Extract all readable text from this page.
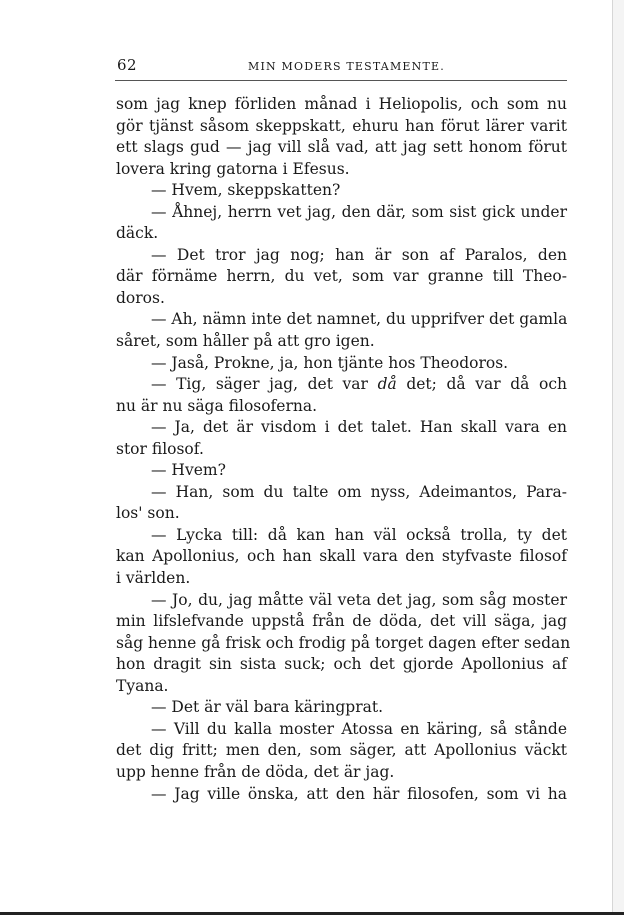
62	MIN MODERS TESTAMENTE.
som jag knep förliden månad i Heliopolis, och som nu
gör tjänst såsom skeppskatt, ehuru han förut lärer varit
ett slags gud — jag vill slå vad, att jag sett honom förut
lovera kring gatorna i Efesus.
— Hvem, skeppskatten?
— Åhnej, herrn vet jag, den där, som sist gick under
däck.
— Det tror jag nog; han är son af Paralos, den
där förnäme herrn, du vet, som var granne till Theo-
doros.
— Ah, nämn inte det namnet, du upprifver det gamla
såret, som håller på att gro igen.
— Jaså, Prokne, ja, hon tjänte hos Theodoros.
— Tig, säger jag, det var då det; då var då och
nu är nu säga filosoferna.
— Ja, det är visdom i det talet. Han skall vara en
stor filosof.
— Hvem?
— Han, som du talte om nyss, Adeimantos, Para-
los' son.
— Lycka till: då kan han väl också trolla, ty det
kan Apollonius, och han skall vara den styfvaste filosof
i världen.
— Jo, du, jag måtte väl veta det jag, som såg moster
min lifslefvande uppstå från de döda, det vill säga, jag
såg henne gå frisk och frodig på torget dagen efter sedan
hon dragit sin sista suck; och det gjorde Apollonius af
Tyana.
— Det är väl bara käringprat.
— Vill du kalla moster Atossa en käring, så stånde
det dig fritt; men den, som säger, att Apollonius väckt
upp henne från de döda, det är jag.
— Jag ville önska, att den här filosofen, som vi ha
